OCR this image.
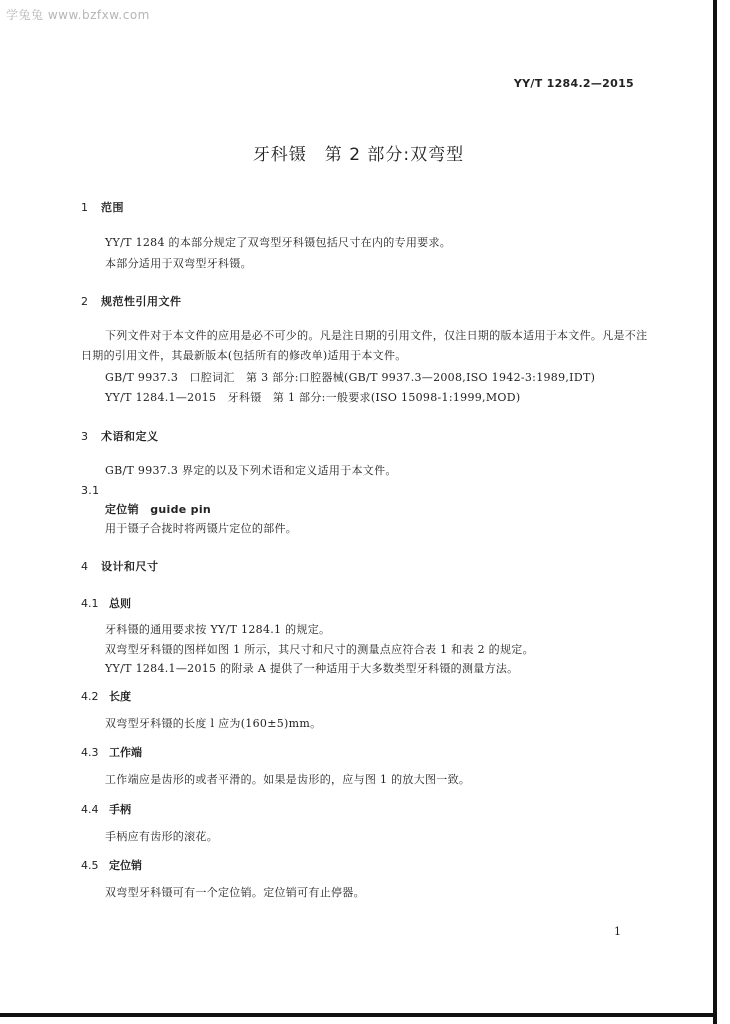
学兔兔 www.bzfxw.com
YY/T 1284.2—2015
牙科镊　第 2 部分:双弯型
1 范围
YY/T 1284 的本部分规定了双弯型牙科镊包括尺寸在内的专用要求。
本部分适用于双弯型牙科镊。
2 规范性引用文件
下列文件对于本文件的应用是必不可少的。凡是注日期的引用文件，仅注日期的版本适用于本文件。凡是不注日期的引用文件，其最新版本(包括所有的修改单)适用于本文件。
GB/T 9937.3　口腔词汇　第 3 部分:口腔器械(GB/T 9937.3—2008,ISO 1942-3:1989,IDT)
YY/T 1284.1—2015　牙科镊　第 1 部分:一般要求(ISO 15098-1:1999,MOD)
3 术语和定义
GB/T 9937.3 界定的以及下列术语和定义适用于本文件。
3.1
定位销　guide pin
用于镊子合拢时将两镊片定位的部件。
4 设计和尺寸
4.1 总则
牙科镊的通用要求按 YY/T 1284.1 的规定。
双弯型牙科镊的图样如图 1 所示，其尺寸和尺寸的测量点应符合表 1 和表 2 的规定。
YY/T 1284.1—2015 的附录 A 提供了一种适用于大多数类型牙科镊的测量方法。
4.2 长度
双弯型牙科镊的长度 l 应为(160±5)mm。
4.3 工作端
工作端应是齿形的或者平滑的。如果是齿形的，应与图 1 的放大图一致。
4.4 手柄
手柄应有齿形的滚花。
4.5 定位销
双弯型牙科镊可有一个定位销。定位销可有止停器。
1
